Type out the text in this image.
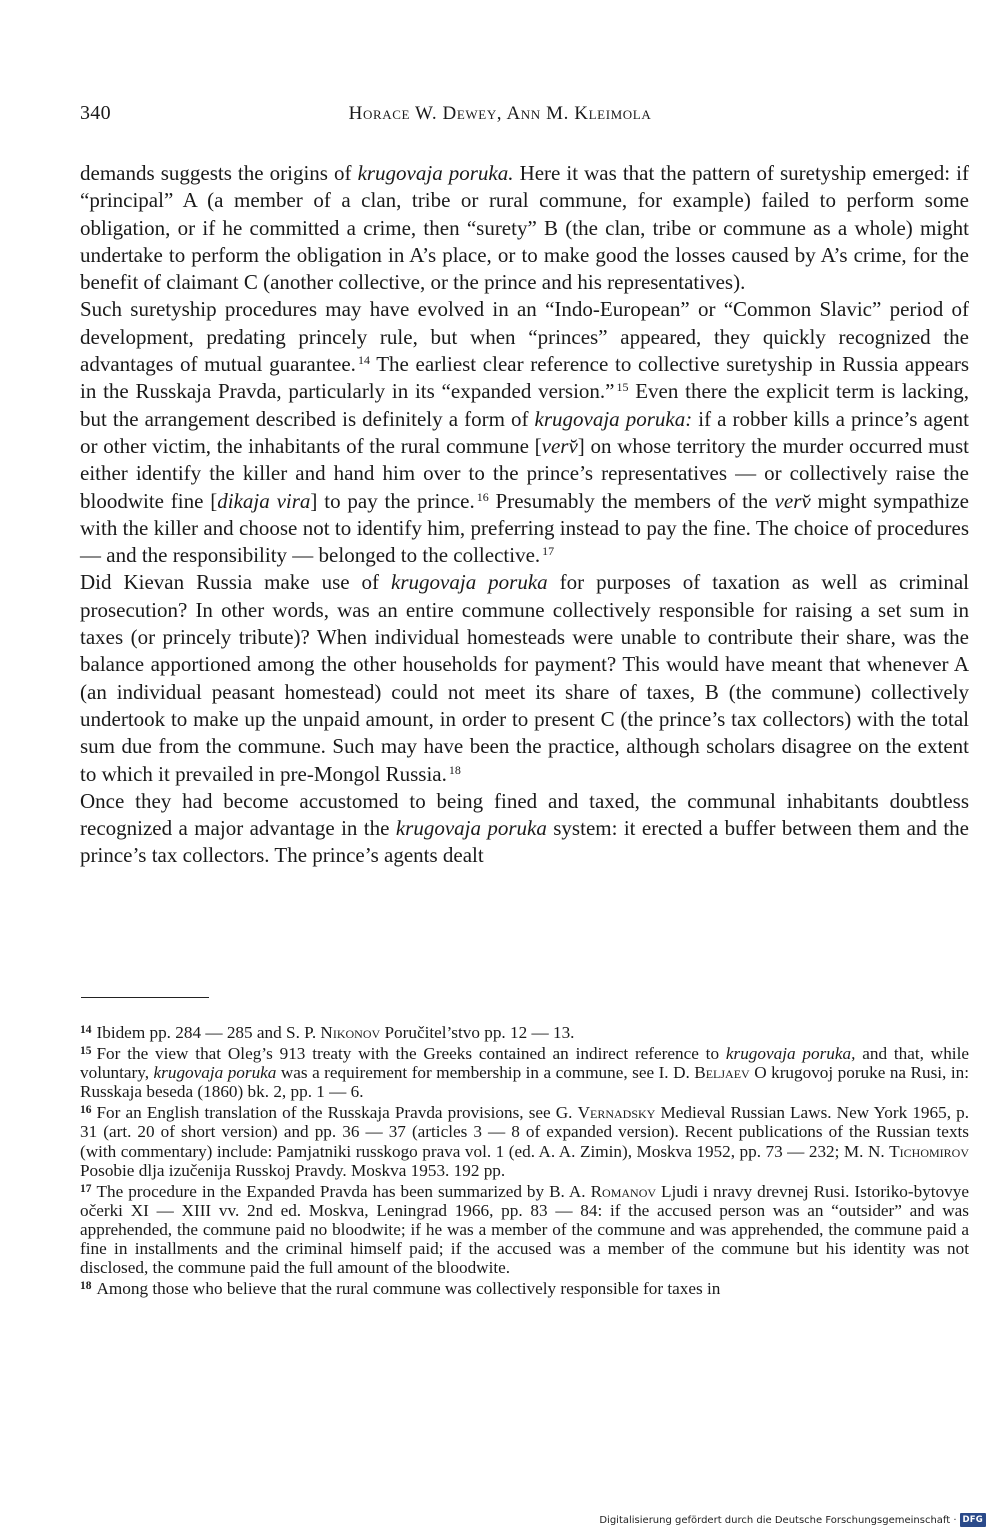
340	Horace W. Dewey, Ann M. Kleimola

demands suggests the origins of krugovaja poruka. Here it was that the pattern of suretyship emerged: if “principal” A (a member of a clan, tribe or rural commune, for example) failed to perform some obligation, or if he committed a crime, then “surety” B (the clan, tribe or commune as a whole) might undertake to perform the obligation in A’s place, or to make good the losses caused by A’s crime, for the benefit of claimant C (another collective, or the prince and his representatives).

Such suretyship procedures may have evolved in an “Indo-European” or “Common Slavic” period of development, predating princely rule, but when “princes” appeared, they quickly recognized the advantages of mutual guarantee. $^{14}$ The earliest clear reference to collective suretyship in Russia appears in the Russkaja Pravda, particularly in its “expanded version.” $^{15}$ Even there the explicit term is lacking, but the arrangement described is definitely a form of krugovaja poruka: if a robber kills a prince’s agent or other victim, the inhabitants of the rural commune [verv̆] on whose territory the murder occurred must either identify the killer and hand him over to the prince’s representatives — or collectively raise the bloodwite fine [dikaja vira] to pay the prince. $^{16}$ Presumably the members of the verv̆ might sympathize with the killer and choose not to identify him, preferring instead to pay the fine. The choice of procedures — and the responsibility — belonged to the collective. $^{17}$

Did Kievan Russia make use of krugovaja poruka for purposes of taxation as well as criminal prosecution? In other words, was an entire commune collectively responsible for raising a set sum in taxes (or princely tribute)? When individual homesteads were unable to contribute their share, was the balance apportioned among the other households for payment? This would have meant that whenever A (an individual peasant homestead) could not meet its share of taxes, B (the commune) collectively undertook to make up the unpaid amount, in order to present C (the prince’s tax collectors) with the total sum due from the commune. Such may have been the practice, although scholars disagree on the extent to which it prevailed in pre-Mongol Russia. $^{18}$

Once they had become accustomed to being fined and taxed, the communal inhabitants doubtless recognized a major advantage in the krugovaja poruka system: it erected a buffer between them and the prince’s tax collectors. The prince’s agents dealt

$^{14}$ Ibidem pp. 284 — 285 and S. P. Nikonov Poručitel’stvo pp. 12 — 13.

$^{15}$ For the view that Oleg’s 913 treaty with the Greeks contained an indirect reference to krugovaja poruka, and that, while voluntary, krugovaja poruka was a requirement for membership in a commune, see I. D. Beljaev O krugovoj poruke na Rusi, in: Russkaja beseda (1860) bk. 2, pp. 1 — 6.

$^{16}$ For an English translation of the Russkaja Pravda provisions, see G. Vernadsky Medieval Russian Laws. New York 1965, p. 31 (art. 20 of short version) and pp. 36 — 37 (articles 3 — 8 of expanded version). Recent publications of the Russian texts (with commentary) include: Pamjatniki russkogo prava vol. 1 (ed. A. A. Zimin), Moskva 1952, pp. 73 — 232; M. N. Tichomirov Posobie dlja izučenija Russkoj Pravdy. Moskva 1953. 192 pp.

$^{17}$ The procedure in the Expanded Pravda has been summarized by B. A. Romanov Ljudi i nravy drevnej Rusi. Istoriko-bytovye očerki XI — XIII vv. 2nd ed. Moskva, Leningrad 1966, pp. 83 — 84: if the accused person was an “outsider” and was apprehended, the commune paid no bloodwite; if he was a member of the commune and was apprehended, the commune paid a fine in installments and the criminal himself paid; if the accused was a member of the commune but his identity was not disclosed, the commune paid the full amount of the bloodwite.

$^{18}$ Among those who believe that the rural commune was collectively responsible for taxes in

Digitalisierung gefördert durch die Deutsche Forschungsgemeinschaft · DFG
